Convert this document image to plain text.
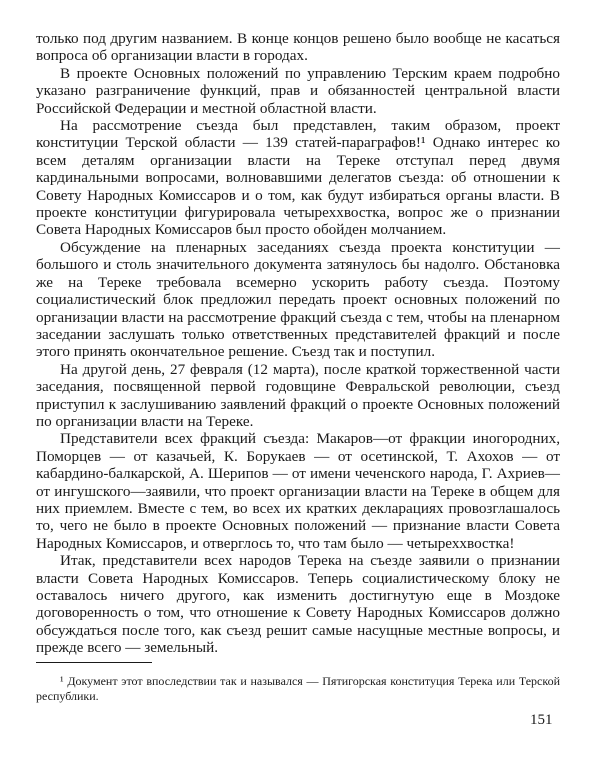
только под другим названием. В конце концов решено было вообще не касаться вопроса об организации власти в городах.

В проекте Основных положений по управлению Терским краем подробно указано разграничение функций, прав и обязанностей центральной власти Российской Федерации и местной областной власти.

На рассмотрение съезда был представлен, таким образом, проект конституции Терской области — 139 статей-параграфов!¹ Однако интерес ко всем деталям организации власти на Тереке отступал перед двумя кардинальными вопросами, волновавшими делегатов съезда: об отношении к Совету Народных Комиссаров и о том, как будут избираться органы власти. В проекте конституции фигурировала четыреххвостка, вопрос же о признании Совета Народных Комиссаров был просто обойден молчанием.

Обсуждение на пленарных заседаниях съезда проекта конституции — большого и столь значительного документа затянулось бы надолго. Обстановка же на Тереке требовала всемерно ускорить работу съезда. Поэтому социалистический блок предложил передать проект основных положений по организации власти на рассмотрение фракций съезда с тем, чтобы на пленарном заседании заслушать только ответственных представителей фракций и после этого принять окончательное решение. Съезд так и поступил.

На другой день, 27 февраля (12 марта), после краткой торжественной части заседания, посвященной первой годовщине Февральской революции, съезд приступил к заслушиванию заявлений фракций о проекте Основных положений по организации власти на Тереке.

Представители всех фракций съезда: Макаров—от фракции иногородних, Поморцев — от казачьей, К. Борукаев — от осетинской, Т. Ахохов — от кабардино-балкарской, А. Шерипов — от имени чеченского народа, Г. Ахриев—от ингушского—заявили, что проект организации власти на Тереке в общем для них приемлем. Вместе с тем, во всех их кратких декларациях провозглашалось то, чего не было в проекте Основных положений — признание власти Совета Народных Комиссаров, и отверглось то, что там было — четыреххвостка!

Итак, представители всех народов Терека на съезде заявили о признании власти Совета Народных Комиссаров. Теперь социалистическому блоку не оставалось ничего другого, как изменить достигнутую еще в Моздоке договоренность о том, что отношение к Совету Народных Комиссаров должно обсуждаться после того, как съезд решит самые насущные местные вопросы, и прежде всего — земельный.

¹ Документ этот впоследствии так и назывался — Пятигорская конституция Терека или Терской республики.

151
